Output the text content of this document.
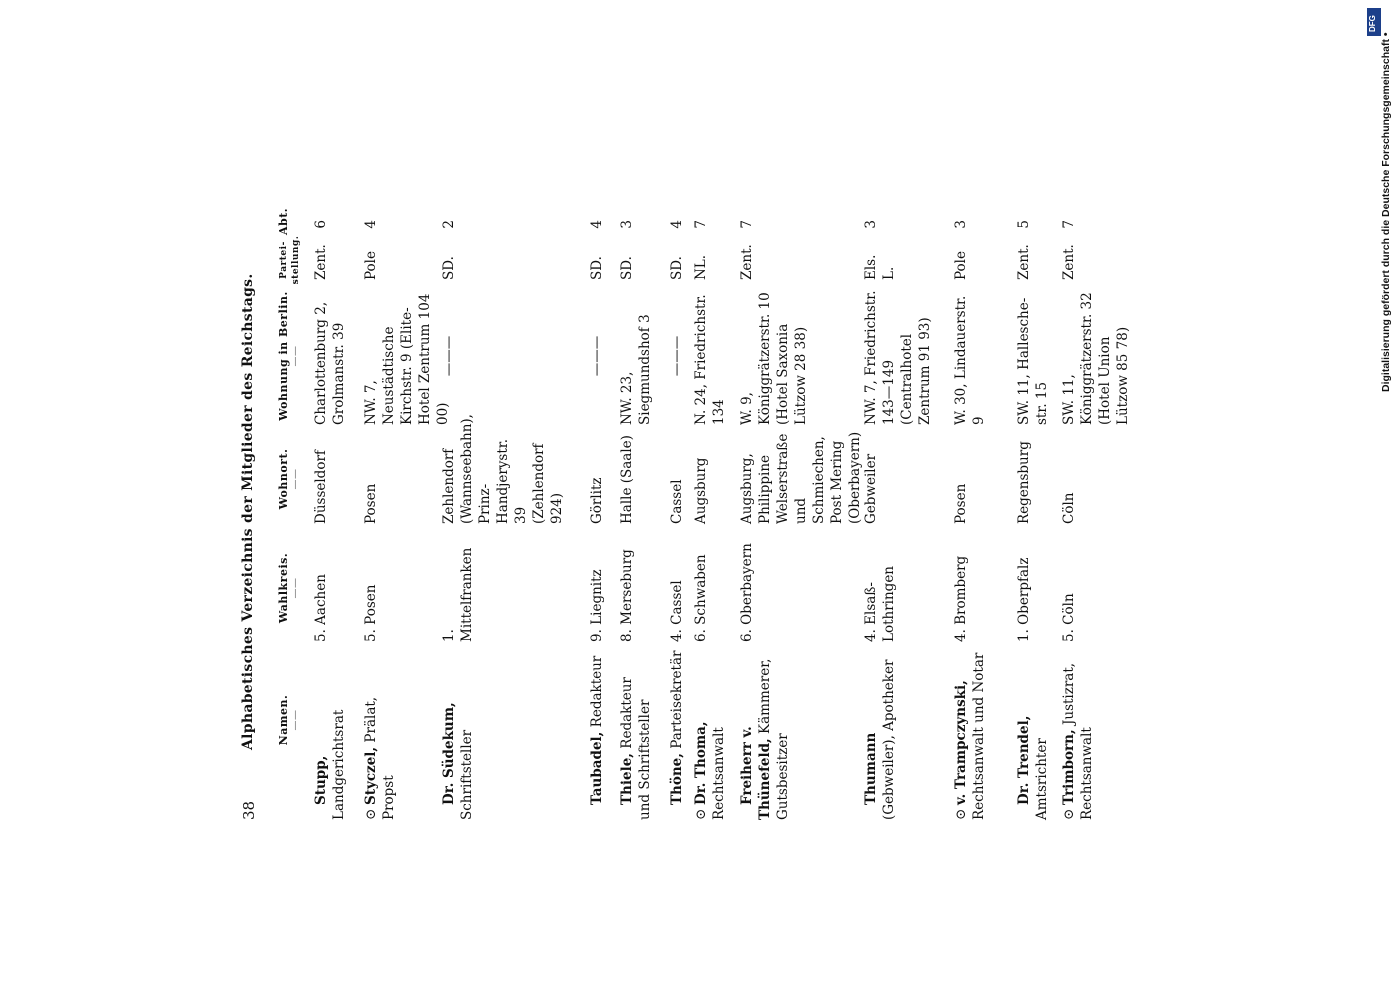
38
Alphabetisches Verzeichnis der Mitglieder des Reichstags. Namen. ——
Wahlkreis. ——
Wohnort. ——
Wohnung in Berlin. ——
Partei-stellung.
Abt.
Stupp, Landgerichtsrat
5. Aachen
Düsseldorf
Charlottenburg 2, Grolmanstr. 39
Zent.
6
⊙Styczel, Prälat, Propst
5. Posen
Posen
NW. 7, Neustädtische Kirchstr. 9 (Elite-Hotel Zentrum 104 00)
Pole
4
Dr. Südekum, Schriftsteller
1. Mittelfranken
Zehlendorf (Wannseebahn), Prinz-Handjerystr. 39 (Zehlendorf 924)
———
SD.
2
Taubadel, Redakteur
9. Liegnitz
Görlitz
———
SD.
4
Thiele, Redakteur und Schriftsteller
8. Merseburg
Halle (Saale)
NW. 23, Siegmundshof 3
SD.
3
Thöne, Parteisekretär
4. Cassel
Cassel
———
SD.
4
⊙Dr. Thoma, Rechtsanwalt
6. Schwaben
Augsburg
N. 24, Friedrichstr. 134
NL.
7
Freiherr v. Thünefeld, Kämmerer, Gutsbesitzer
6. Oberbayern
Augsburg, Philippine Welserstraße und Schmiechen, Post Mering (Oberbayern)
W. 9, Königgrätzerstr. 10 (Hotel Saxonia Lützow 28 38)
Zent.
7
Thumann (Gebweiler), Apotheker
4. Elsaß-Lothringen
Gebweiler
NW. 7, Friedrichstr. 143—149 (Centralhotel Zentrum 91 93)
Els. L.
3
⊙v. Trampczynski, Rechtsanwalt und Notar
4. Bromberg
Posen
W. 30, Lindauerstr. 9
Pole
3
Dr. Trendel, Amtsrichter
1. Oberpfalz
Regensburg
SW. 11, Hallesche-str. 15
Zent.
5
⊙Trimborn, Justizrat, Rechtsanwalt
5. Cöln
Cöln
SW. 11, Königgrätzerstr. 32 (Hotel Union Lützow 85 78)
Zent.
7
DFG
Digitalisierung gefördert durch die Deutsche Forschungsgemeinschaft •
